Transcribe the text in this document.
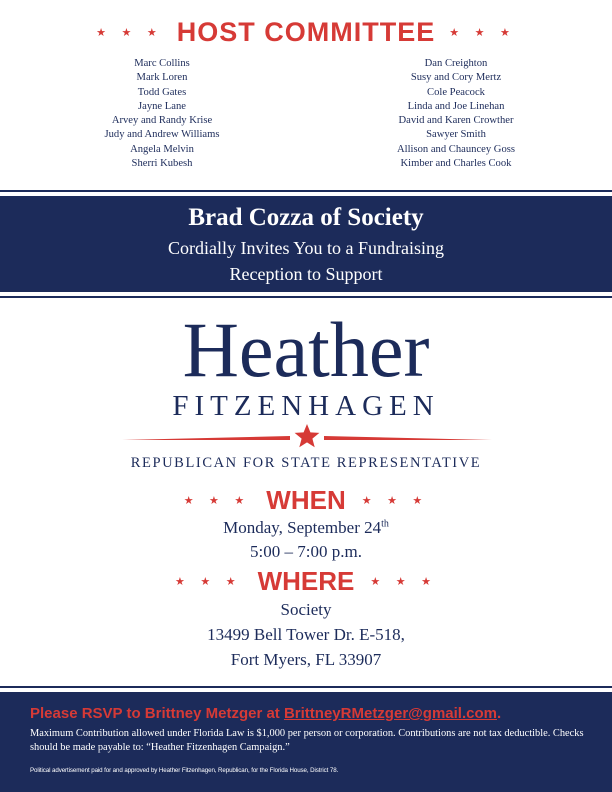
★ ★ ★ HOST COMMITTEE ★ ★ ★
Marc Collins
Mark Loren
Todd Gates
Jayne Lane
Arvey and Randy Krise
Judy and Andrew Williams
Angela Melvin
Sherri Kubesh
Dan Creighton
Susy and Cory Mertz
Cole Peacock
Linda and Joe Linehan
David and Karen Crowther
Sawyer Smith
Allison and Chauncey Goss
Kimber and Charles Cook
Brad Cozza of Society
Cordially Invites You to a Fundraising
Reception to Support
Heather
FITZENHAGEN
REPUBLICAN FOR STATE REPRESENTATIVE
★ ★ ★ WHEN ★ ★ ★
Monday, September 24th
5:00 – 7:00 p.m.
★ ★ ★ WHERE ★ ★ ★
Society
13499 Bell Tower Dr. E-518,
Fort Myers, FL 33907
Please RSVP to Brittney Metzger at BrittneyRMetzger@gmail.com.
Maximum Contribution allowed under Florida Law is $1,000 per person or corporation. Contributions are not tax deductible. Checks should be made payable to: “Heather Fitzenhagen Campaign.”
Political advertisement paid for and approved by Heather Fitzenhagen, Republican, for the Florida House, District 78.
